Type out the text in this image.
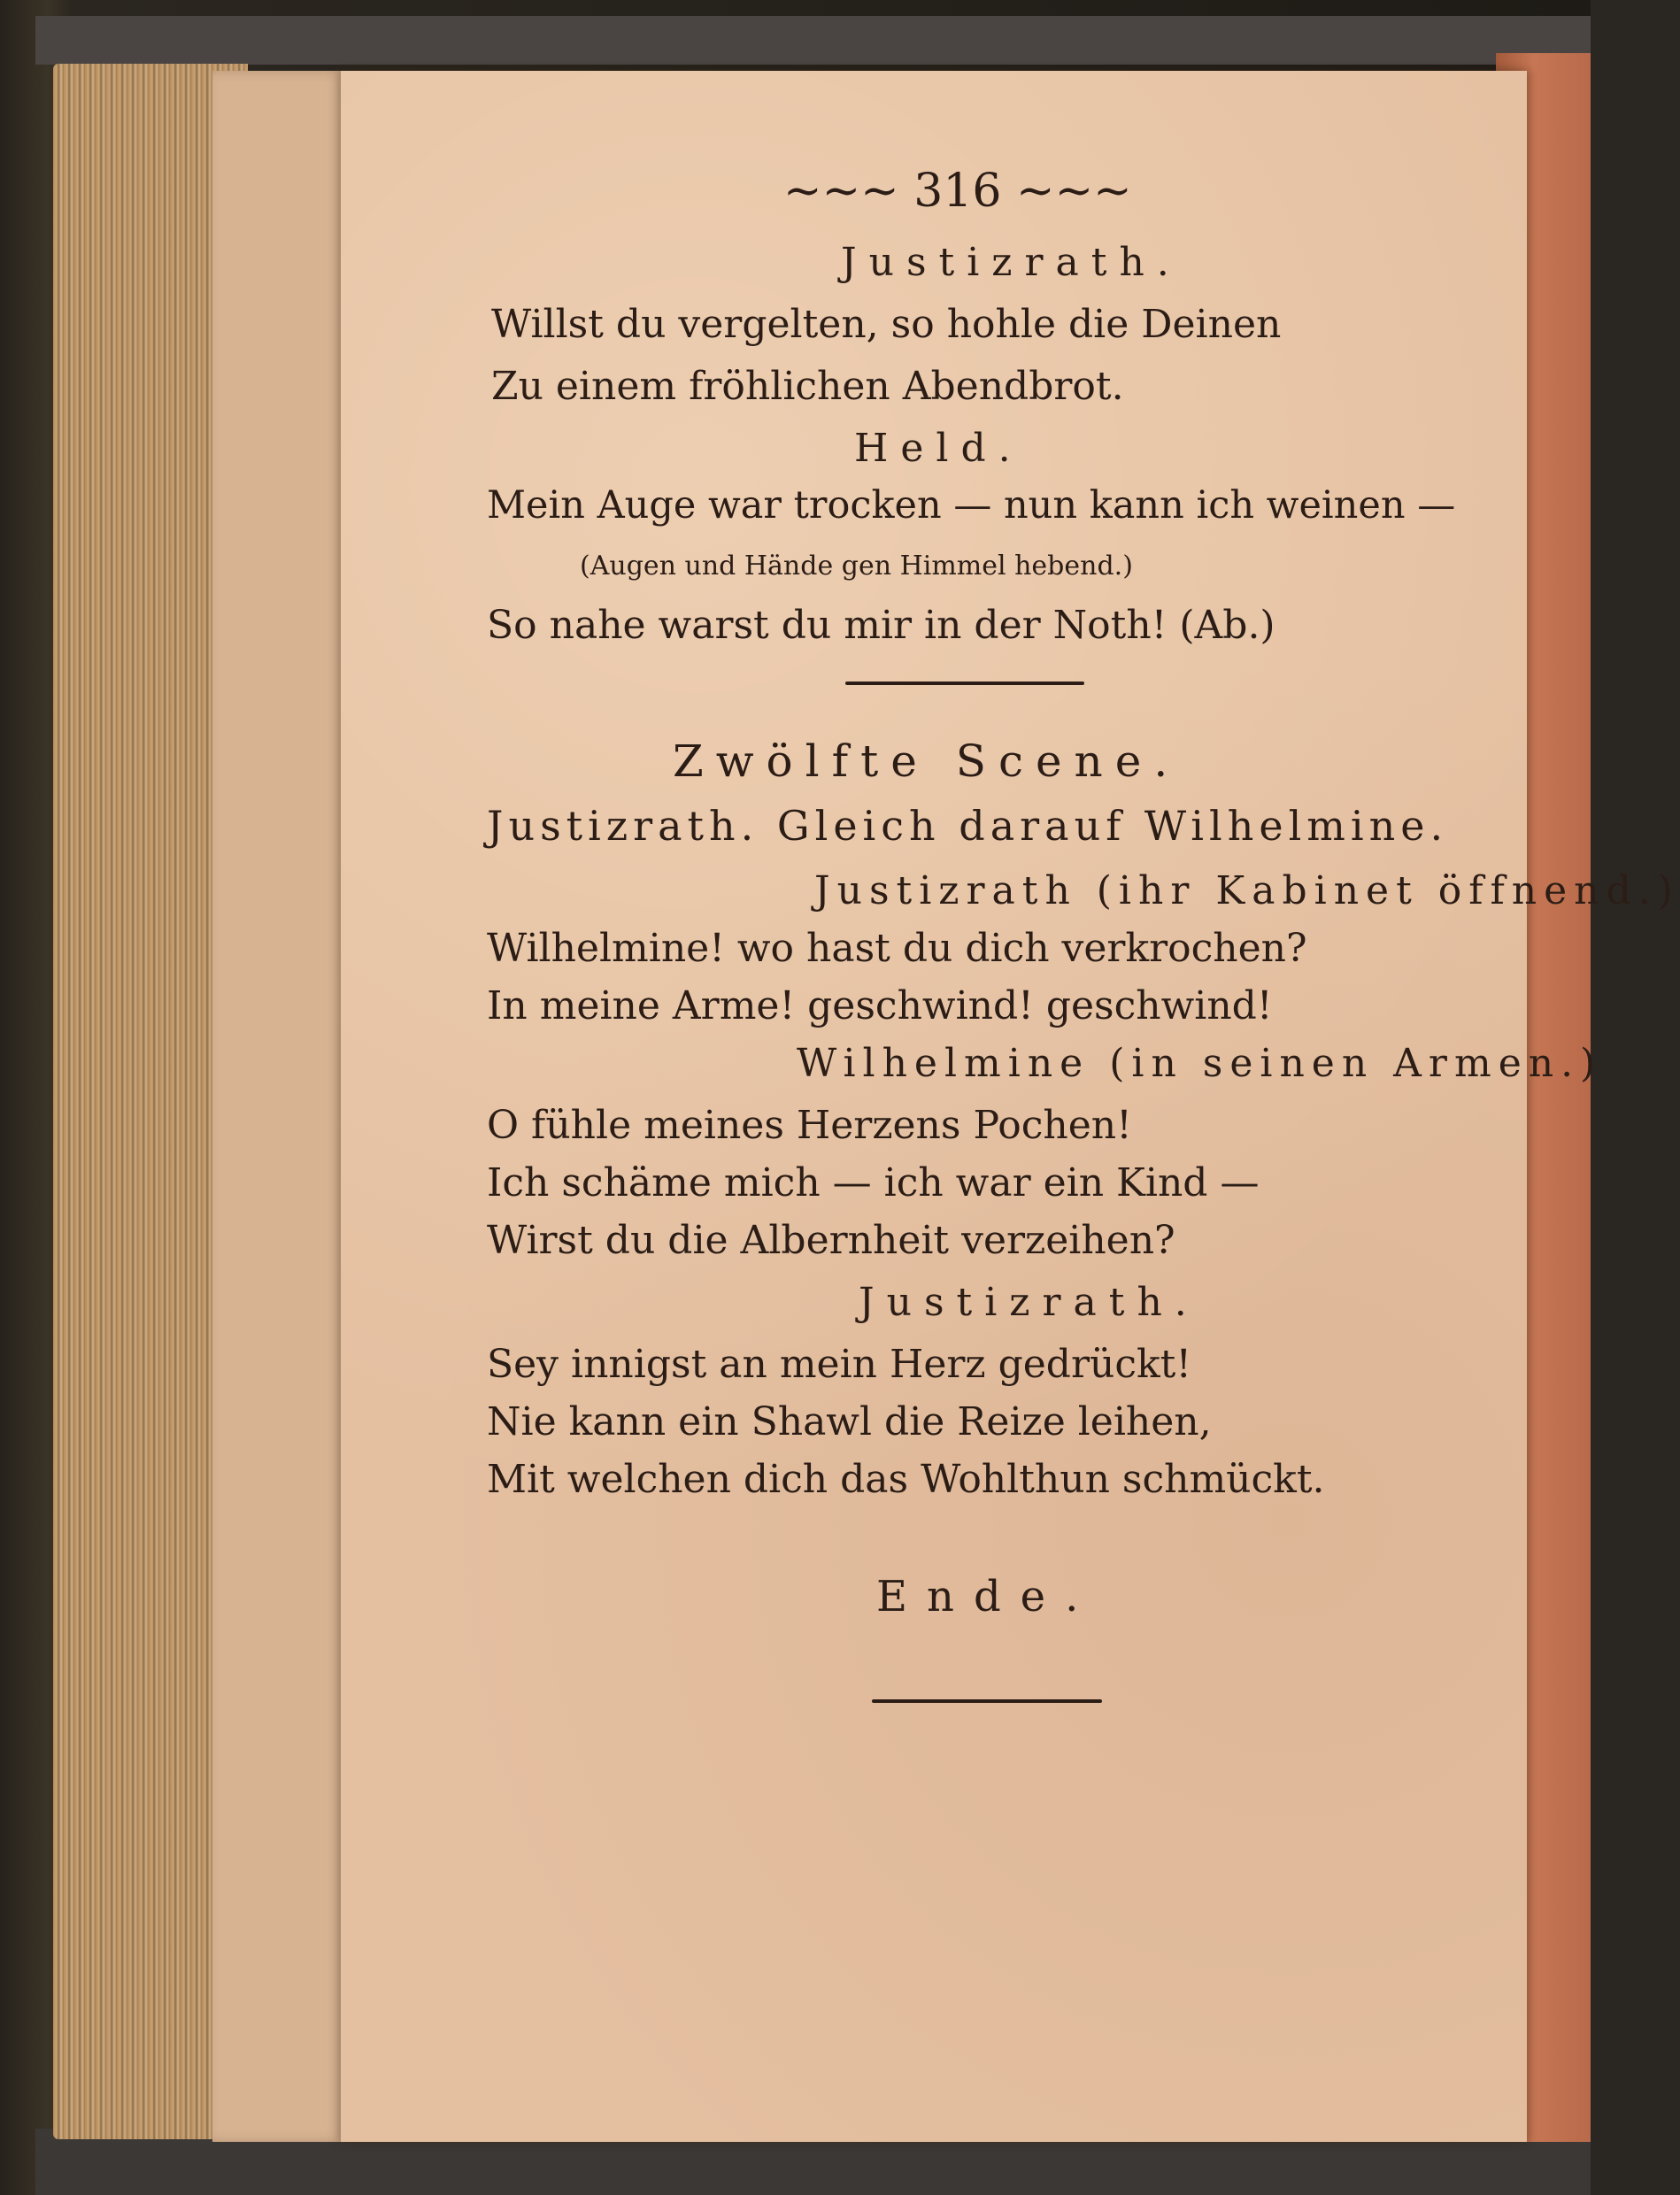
~~~ 316 ~~~
Justizrath.
Willst du vergelten, so hohle die Deinen
Zu einem fröhlichen Abendbrot.
Held.
Mein Auge war trocken — nun kann ich weinen —
(Augen und Hände gen Himmel hebend.)
So nahe warst du mir in der Noth! (Ab.)
Zwölfte Scene.
Justizrath. Gleich darauf Wilhelmine.
Justizrath (ihr Kabinet öffnend.)
Wilhelmine! wo hast du dich verkrochen?
In meine Arme! geschwind! geschwind!
Wilhelmine (in seinen Armen.)
O fühle meines Herzens Pochen!
Ich schäme mich — ich war ein Kind —
Wirst du die Albernheit verzeihen?
Justizrath.
Sey innigst an mein Herz gedrückt!
Nie kann ein Shawl die Reize leihen,
Mit welchen dich das Wohlthun schmückt.
Ende.
